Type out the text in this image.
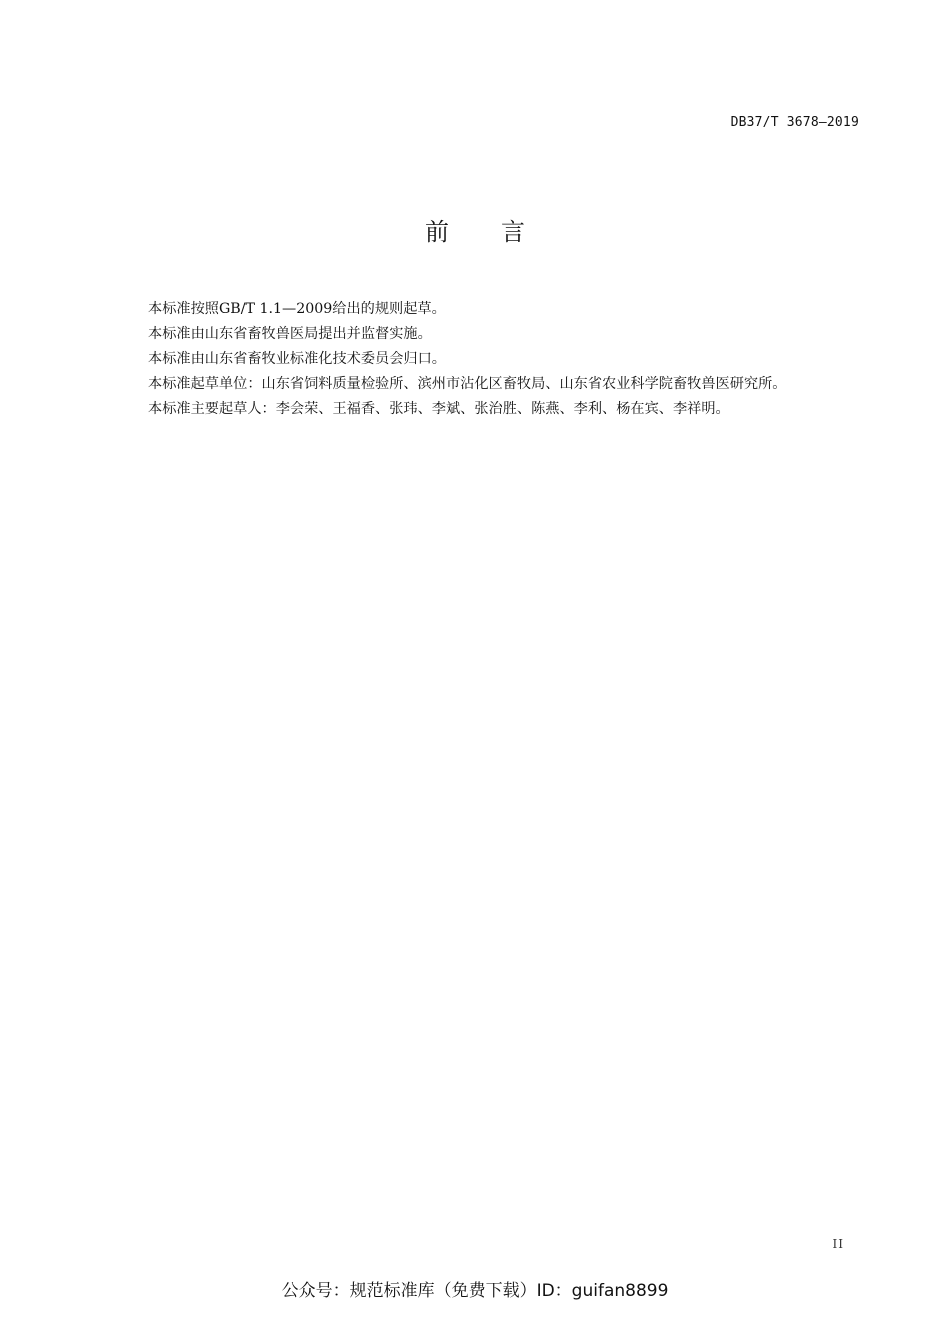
DB37/T 3678—2019
前言

本标准按照GB/T 1.1—2009给出的规则起草。

本标准由山东省畜牧兽医局提出并监督实施。

本标准由山东省畜牧业标准化技术委员会归口。

本标准起草单位：山东省饲料质量检验所、滨州市沾化区畜牧局、山东省农业科学院畜牧兽医研究所。

本标准主要起草人：李会荣、王福香、张玮、李斌、张治胜、陈燕、李利、杨在宾、李祥明。

II
公众号：规范标准库（免费下载）ID：guifan8899
